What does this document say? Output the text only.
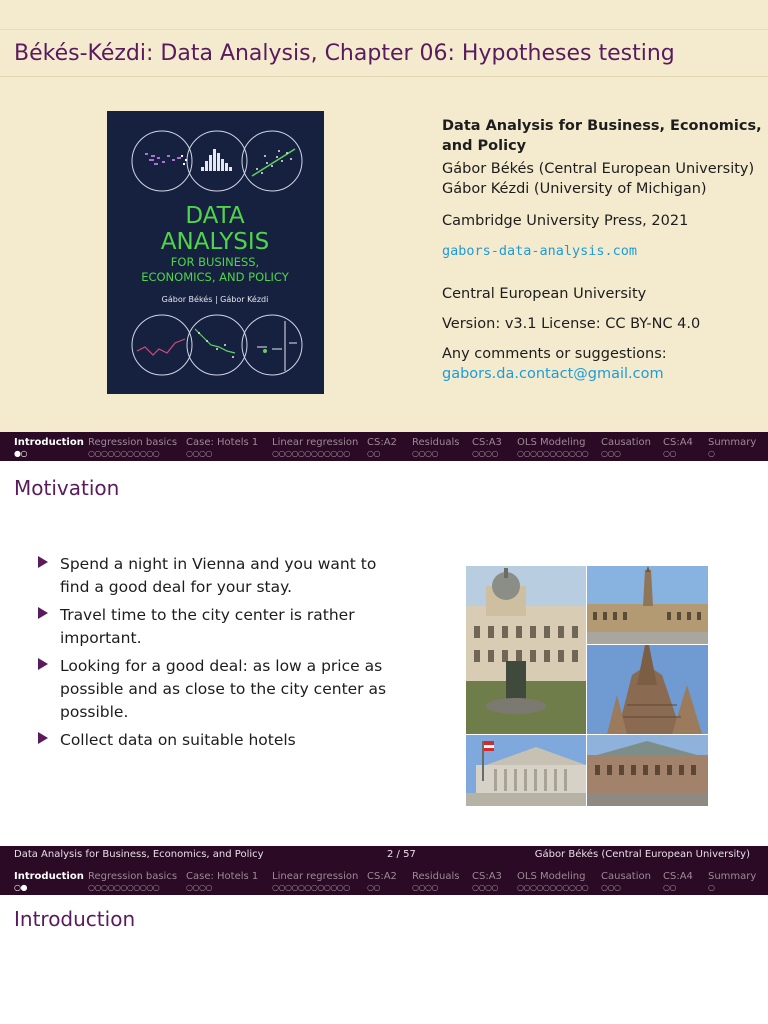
Békés-Kézdi: Data Analysis, Chapter 06: Hypotheses testing
DATA
ANALYSIS
FOR BUSINESS,
ECONOMICS, AND POLICY
Gábor Békés | Gábor Kézdi
Data Analysis for Business, Economics,
and Policy
Gábor Békés (Central European University)
Gábor Kézdi (University of Michigan)
Cambridge University Press, 2021
gabors-data-analysis.com
Central European University
Version: v3.1 License: CC BY-NC 4.0
Any comments or suggestions:
gabors.da.contact@gmail.com
Introduction
●○
Regression basics
○○○○○○○○○○○
Case: Hotels 1
○○○○
Linear regression
○○○○○○○○○○○○
CS:A2
○○
Residuals
○○○○
CS:A3
○○○○
OLS Modeling
○○○○○○○○○○○
Causation
○○○
CS:A4
○○
Summary
○
Motivation
Spend a night in Vienna and you want to find a good deal for your stay.
Travel time to the city center is rather important.
Looking for a good deal: as low a price as possible and as close to the city center as possible.
Collect data on suitable hotels
Data Analysis for Business, Economics, and Policy	2 / 57	Gábor Békés (Central European University)
Introduction
○●
Regression basics
○○○○○○○○○○○
Case: Hotels 1
○○○○
Linear regression
○○○○○○○○○○○○
CS:A2
○○
Residuals
○○○○
CS:A3
○○○○
OLS Modeling
○○○○○○○○○○○
Causation
○○○
CS:A4
○○
Summary
○
Introduction
